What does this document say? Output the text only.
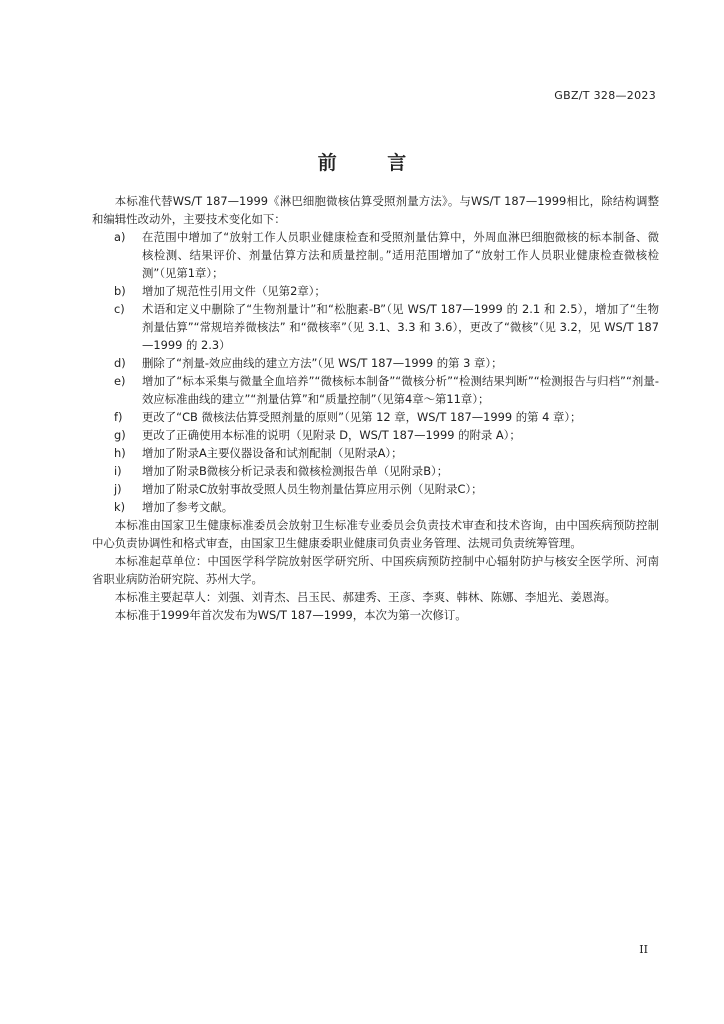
GBZ/T 328—2023
前 言

本标准代替WS/T 187—1999《淋巴细胞微核估算受照剂量方法》。与WS/T 187—1999相比，除结构调整和编辑性改动外，主要技术变化如下：

a)	在范围中增加了“放射工作人员职业健康检查和受照剂量估算中，外周血淋巴细胞微核的标本制备、微核检测、结果评价、剂量估算方法和质量控制。”适用范围增加了“放射工作人员职业健康检查微核检测”（见第1章）；
b)	增加了规范性引用文件（见第2章）；
c)	术语和定义中删除了“生物剂量计”和“松胞素-B”（见 WS/T 187—1999 的 2.1 和 2.5），增加了“生物剂量估算”“常规培养微核法” 和“微核率”（见 3.1、3.3 和 3.6），更改了“微核”（见 3.2，见 WS/T 187—1999 的 2.3）
d)	删除了“剂量-效应曲线的建立方法”（见 WS/T 187—1999 的第 3 章）；
e)	增加了“标本采集与微量全血培养”“微核标本制备”“微核分析”“检测结果判断”“检测报告与归档”“剂量-效应标准曲线的建立”“剂量估算”和“质量控制”（见第4章～第11章）；
f)	更改了“CB 微核法估算受照剂量的原则”（见第 12 章，WS/T 187—1999 的第 4 章）；
g)	更改了正确使用本标准的说明（见附录 D，WS/T 187—1999 的附录 A）；
h)	增加了附录A主要仪器设备和试剂配制（见附录A）；
i)	增加了附录B微核分析记录表和微核检测报告单（见附录B）；
j)	增加了附录C放射事故受照人员生物剂量估算应用示例（见附录C）；
k)	增加了参考文献。

本标准由国家卫生健康标准委员会放射卫生标准专业委员会负责技术审查和技术咨询，由中国疾病预防控制中心负责协调性和格式审查，由国家卫生健康委职业健康司负责业务管理、法规司负责统筹管理。

本标准起草单位：中国医学科学院放射医学研究所、中国疾病预防控制中心辐射防护与核安全医学所、河南省职业病防治研究院、苏州大学。

本标准主要起草人：刘强、刘青杰、吕玉民、郝建秀、王彦、李爽、韩林、陈娜、李旭光、姜恩海。

本标准于1999年首次发布为WS/T 187—1999，本次为第一次修订。

II
